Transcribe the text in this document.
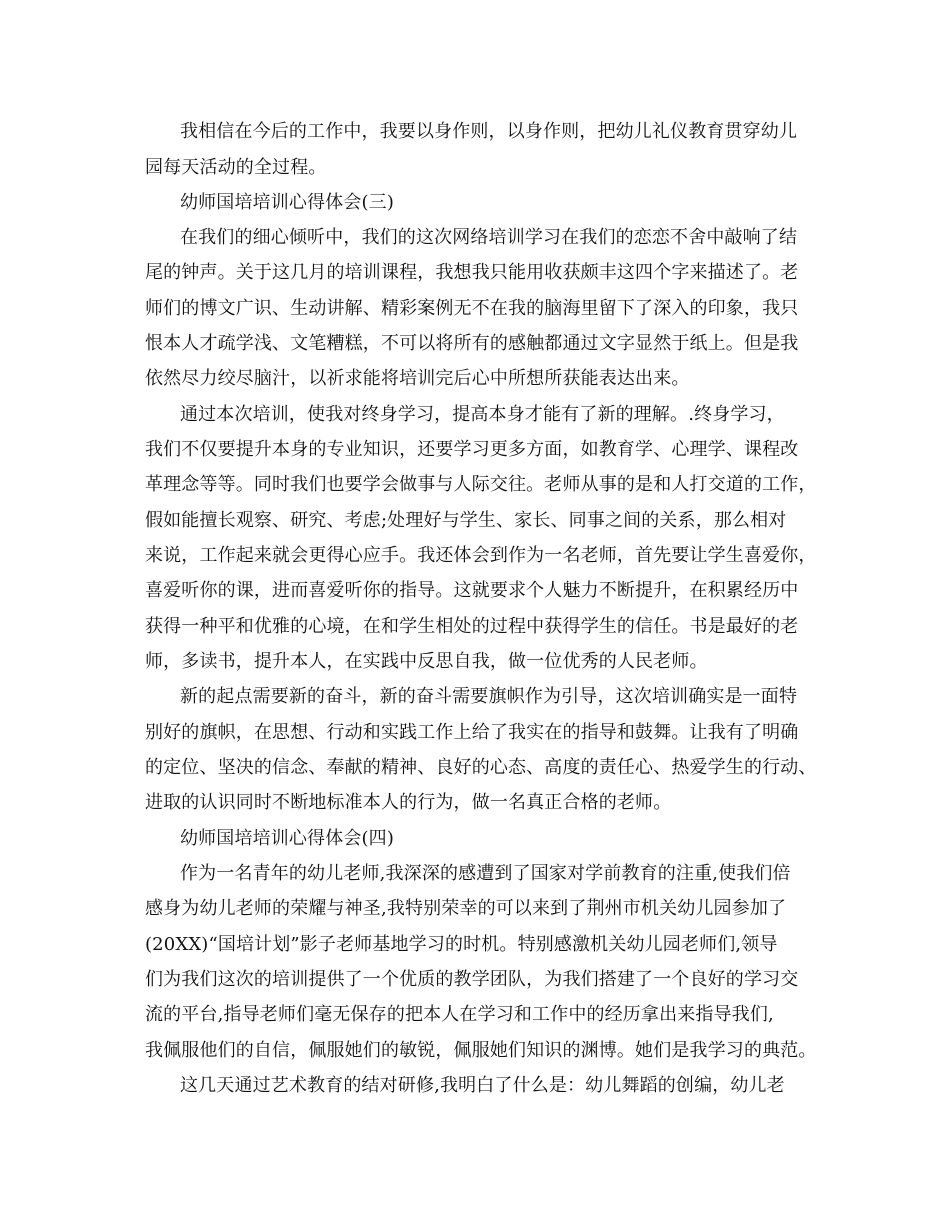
我相信在今后的工作中，我要以身作则，以身作则，把幼儿礼仪教育贯穿幼儿
园每天活动的全过程。
幼师国培培训心得体会(三)
在我们的细心倾听中，我们的这次网络培训学习在我们的恋恋不舍中敲响了结
尾的钟声。关于这几月的培训课程，我想我只能用收获颇丰这四个字来描述了。老
师们的博文广识、生动讲解、精彩案例无不在我的脑海里留下了深入的印象，我只
恨本人才疏学浅、文笔糟糕，不可以将所有的感触都通过文字显然于纸上。但是我
依然尽力绞尽脑汁，以祈求能将培训完后心中所想所获能表达出来。
通过本次培训，使我对终身学习，提高本身才能有了新的理解。.终身学习，
我们不仅要提升本身的专业知识，还要学习更多方面，如教育学、心理学、课程改
革理念等等。同时我们也要学会做事与人际交往。老师从事的是和人打交道的工作，
假如能擅长观察、研究、考虑;处理好与学生、家长、同事之间的关系，那么相对
来说，工作起来就会更得心应手。我还体会到作为一名老师，首先要让学生喜爱你，
喜爱听你的课，进而喜爱听你的指导。这就要求个人魅力不断提升，在积累经历中
获得一种平和优雅的心境，在和学生相处的过程中获得学生的信任。书是最好的老
师，多读书，提升本人，在实践中反思自我，做一位优秀的人民老师。
新的起点需要新的奋斗，新的奋斗需要旗帜作为引导，这次培训确实是一面特
别好的旗帜，在思想、行动和实践工作上给了我实在的指导和鼓舞。让我有了明确
的定位、坚决的信念、奉献的精神、良好的心态、高度的责任心、热爱学生的行动、
进取的认识同时不断地标准本人的行为，做一名真正合格的老师。
幼师国培培训心得体会(四)
作为一名青年的幼儿老师,我深深的感遭到了国家对学前教育的注重,使我们倍
感身为幼儿老师的荣耀与神圣,我特别荣幸的可以来到了荆州市机关幼儿园参加了
(20XX)“国培计划”影子老师基地学习的时机。特别感激机关幼儿园老师们,领导
们为我们这次的培训提供了一个优质的教学团队，为我们搭建了一个良好的学习交
流的平台,指导老师们毫无保存的把本人在学习和工作中的经历拿出来指导我们,
我佩服他们的自信，佩服她们的敏锐，佩服她们知识的渊博。她们是我学习的典范。
这几天通过艺术教育的结对研修,我明白了什么是：幼儿舞蹈的创编，幼儿老
